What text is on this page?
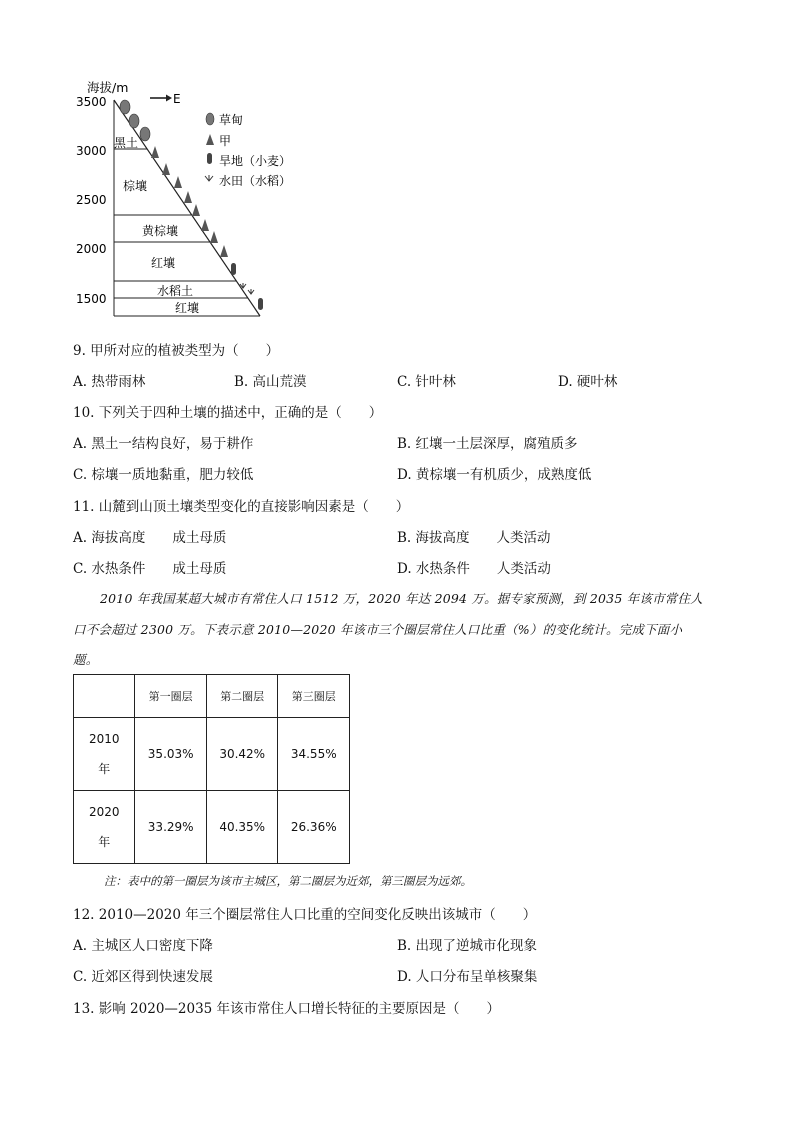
海拔/m
3500
3000
2500
2000
1500
黑土
棕壤
黄棕壤
红壤
水稻土
红壤
E
草甸
甲
旱地（小麦）
水田（水稻）
9. 甲所对应的植被类型为（　　）
A. 热带雨林	B. 高山荒漠	C. 针叶林	D. 硬叶林
10. 下列关于四种土壤的描述中，正确的是（　　）
A. 黑土一结构良好，易于耕作	B. 红壤一土层深厚，腐殖质多
C. 棕壤一质地黏重，肥力较低	D. 黄棕壤一有机质少，成熟度低
11. 山麓到山顶土壤类型变化的直接影响因素是（　　）
A. 海拔高度　　成土母质	B. 海拔高度　　人类活动
C. 水热条件　　成土母质	D. 水热条件　　人类活动
2010 年我国某超大城市有常住人口 1512 万，2020 年达 2094 万。据专家预测，到 2035 年该市常住人
口不会超过 2300 万。下表示意 2010—2020 年该市三个圈层常住人口比重（%）的变化统计。完成下面小
题。
	第一圈层	第二圈层	第三圈层

2010
年	35.03%	30.42%	34.55%

2020
年	33.29%	40.35%	26.36%
注：表中的第一圈层为该市主城区，第二圈层为近郊，第三圈层为远郊。
12. 2010—2020 年三个圈层常住人口比重的空间变化反映出该城市（　　）
A. 主城区人口密度下降	B. 出现了逆城市化现象
C. 近郊区得到快速发展	D. 人口分布呈单核聚集
13. 影响 2020—2035 年该市常住人口增长特征的主要原因是（　　）
